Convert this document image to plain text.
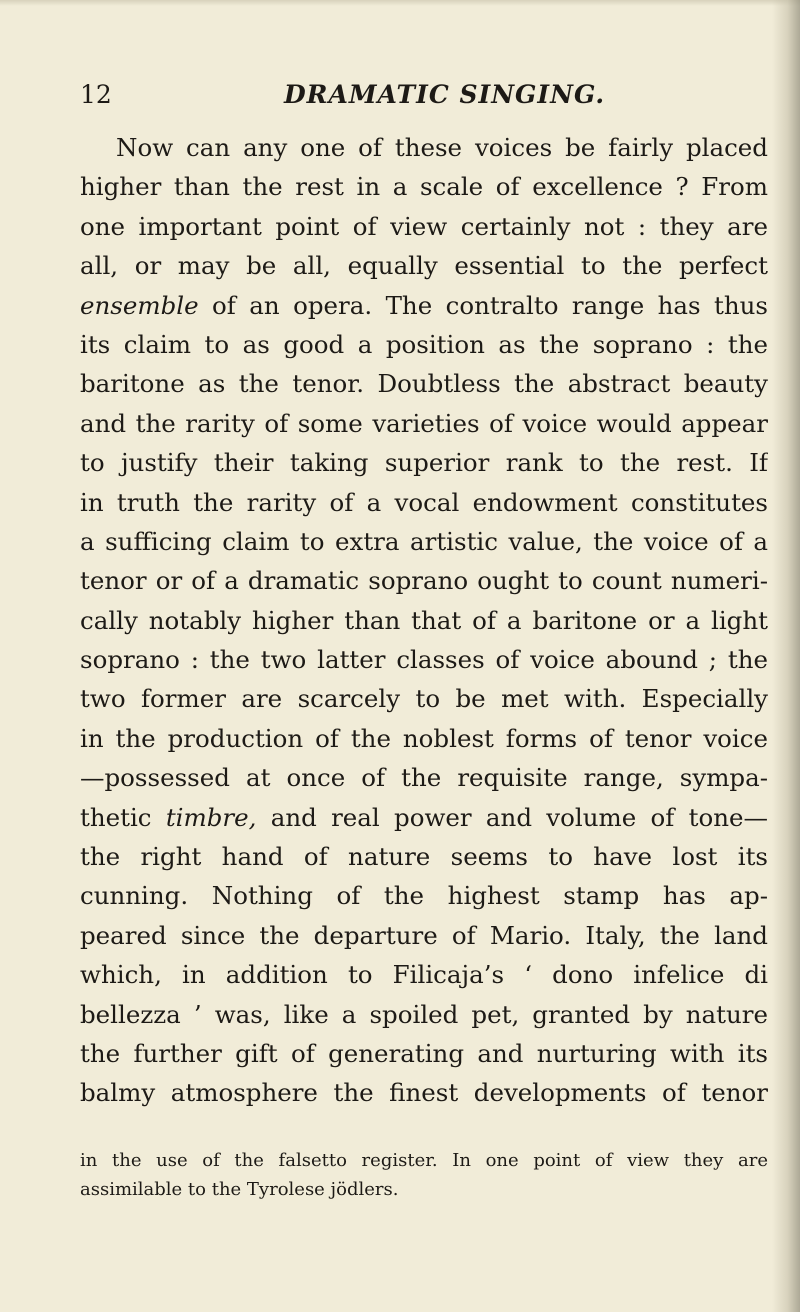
12	DRAMATIC SINGING.
Now can any one of these voices be fairly placed
higher than the rest in a scale of excellence ? From
one important point of view certainly not : they are
all, or may be all, equally essential to the perfect
ensemble of an opera. The contralto range has thus
its claim to as good a position as the soprano : the
baritone as the tenor. Doubtless the abstract beauty
and the rarity of some varieties of voice would appear
to justify their taking superior rank to the rest. If
in truth the rarity of a vocal endowment constitutes
a sufficing claim to extra artistic value, the voice of a
tenor or of a dramatic soprano ought to count numeri-
cally notably higher than that of a baritone or a light
soprano : the two latter classes of voice abound ; the
two former are scarcely to be met with. Especially
in the production of the noblest forms of tenor voice
—possessed at once of the requisite range, sympa-
thetic timbre, and real power and volume of tone—
the right hand of nature seems to have lost its
cunning. Nothing of the highest stamp has ap-
peared since the departure of Mario. Italy, the land
which, in addition to Filicaja’s ‘ dono infelice di
bellezza ’ was, like a spoiled pet, granted by nature
the further gift of generating and nurturing with its
balmy atmosphere the finest developments of tenor
in the use of the falsetto register. In one point of view they are
assimilable to the Tyrolese jödlers.
